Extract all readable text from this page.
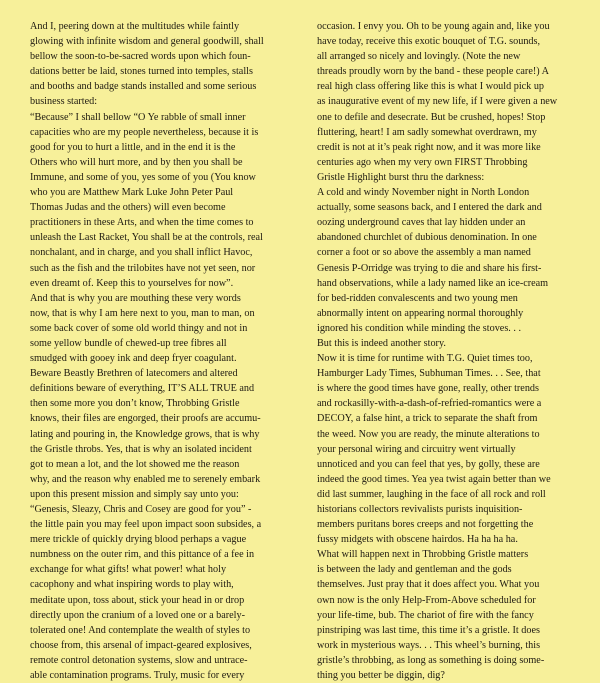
And I, peering down at the multitudes while faintly
glowing with infinite wisdom and general goodwill, shall
bellow the soon-to-be-sacred words upon which foun-
dations better be laid, stones turned into temples, stalls
and booths and badge stands installed and some serious
business started:
“Because” I shall bellow “O Ye rabble of small inner
capacities who are my people nevertheless, because it is
good for you to hurt a little, and in the end it is the
Others who will hurt more, and by then you shall be
Immune, and some of you, yes some of you (You know
who you are Matthew Mark Luke John Peter Paul
Thomas Judas and the others) will even become
practitioners in these Arts, and when the time comes to
unleash the Last Racket, You shall be at the controls, real
nonchalant, and in charge, and you shall inflict Havoc,
such as the fish and the trilobites have not yet seen, nor
even dreamt of. Keep this to yourselves for now”.
And that is why you are mouthing these very words
now, that is why I am here next to you, man to man, on
some back cover of some old world thingy and not in
some yellow bundle of chewed-up tree fibres all
smudged with gooey ink and deep fryer coagulant.
Beware Beastly Brethren of latecomers and altered
definitions beware of everything, IT’S ALL TRUE and
then some more you don’t know, Throbbing Gristle
knows, their files are engorged, their proofs are accumu-
lating and pouring in, the Knowledge grows, that is why
the Gristle throbs. Yes, that is why an isolated incident
got to mean a lot, and the lot showed me the reason
why, and the reason why enabled me to serenely embark
upon this present mission and simply say unto you:
“Genesis, Sleazy, Chris and Cosey are good for you” -
the little pain you may feel upon impact soon subsides, a
mere trickle of quickly drying blood perhaps a vague
numbness on the outer rim, and this pittance of a fee in
exchange for what gifts! what power! what holy
cacophony and what inspiring words to play with,
meditate upon, toss about, stick your head in or drop
directly upon the cranium of a loved one or a barely-
tolerated one! And contemplate the wealth of styles to
choose from, this arsenal of impact-geared explosives,
remote control detonation systems, slow and untrace-
able contamination programs. Truly, music for every
occasion. I envy you. Oh to be young again and, like you
have today, receive this exotic bouquet of T.G. sounds,
all arranged so nicely and lovingly. (Note the new
threads proudly worn by the band - these people care!) A
real high class offering like this is what I would pick up
as inaugurative event of my new life, if I were given a new
one to defile and desecrate. But be crushed, hopes! Stop
fluttering, heart! I am sadly somewhat overdrawn, my
credit is not at it’s peak right now, and it was more like
centuries ago when my very own FIRST Throbbing
Gristle Highlight burst thru the darkness:
A cold and windy November night in North London
actually, some seasons back, and I entered the dark and
oozing underground caves that lay hidden under an
abandoned churchlet of dubious denomination. In one
corner a foot or so above the assembly a man named
Genesis P-Orridge was trying to die and share his first-
hand observations, while a lady named like an ice-cream
for bed-ridden convalescents and two young men
abnormally intent on appearing normal thoroughly
ignored his condition while minding the stoves. . .
But this is indeed another story.
Now it is time for runtime with T.G. Quiet times too,
Hamburger Lady Times, Subhuman Times. . . See, that
is where the good times have gone, really, other trends
and rockasilly-with-a-dash-of-refried-romantics were a
DECOY, a false hint, a trick to separate the shaft from
the weed. Now you are ready, the minute alterations to
your personal wiring and circuitry went virtually
unnoticed and you can feel that yes, by golly, these are
indeed the good times. Yea yea twist again better than we
did last summer, laughing in the face of all rock and roll
historians collectors revivalists purists inquisition-
members puritans bores creeps and not forgetting the
fussy midgets with obscene hairdos. Ha ha ha ha.
What will happen next in Throbbing Gristle matters
is between the lady and gentleman and the gods
themselves. Just pray that it does affect you. What you
own now is the only Help-From-Above scheduled for
your life-time, bub. The chariot of fire with the fancy
pinstriping was last time, this time it’s a gristle. It does
work in mysterious ways. . . This wheel’s burning, this
gristle’s throbbing, as long as something is doing some-
thing you better be diggin, dig?
